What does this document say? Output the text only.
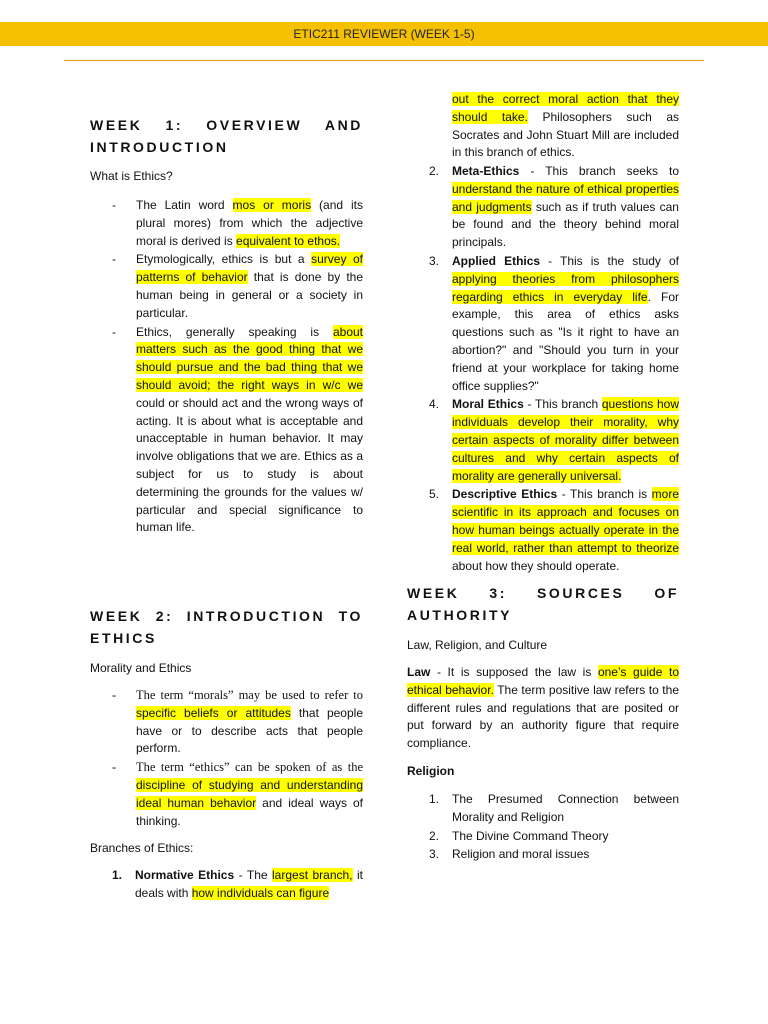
ETIC211 REVIEWER (WEEK 1-5)
WEEK 1: OVERVIEW AND INTRODUCTION

What is Ethics?

- The Latin word mos or moris (and its plural mores) from which the adjective moral is derived is equivalent to ethos.
- Etymologically, ethics is but a survey of patterns of behavior that is done by the human being in general or a society in particular.
- Ethics, generally speaking is about matters such as the good thing that we should pursue and the bad thing that we should avoid; the right ways in w/c we could or should act and the wrong ways of acting. It is about what is acceptable and unacceptable in human behavior. It may involve obligations that we are. Ethics as a subject for us to study is about determining the grounds for the values w/ particular and special significance to human life.
WEEK 2: INTRODUCTION TO ETHICS

Morality and Ethics

- The term “morals” may be used to refer to specific beliefs or attitudes that people have or to describe acts that people perform.
- The term “ethics” can be spoken of as the discipline of studying and understanding ideal human behavior and ideal ways of thinking.

Branches of Ethics:

1. Normative Ethics - The largest branch, it deals with how individuals can figure

out the correct moral action that they should take. Philosophers such as Socrates and John Stuart Mill are included in this branch of ethics.

2. Meta-Ethics - This branch seeks to understand the nature of ethical properties and judgments such as if truth values can be found and the theory behind moral principals.
3. Applied Ethics - This is the study of applying theories from philosophers regarding ethics in everyday life. For example, this area of ethics asks questions such as "Is it right to have an abortion?" and "Should you turn in your friend at your workplace for taking home office supplies?"
4. Moral Ethics - This branch questions how individuals develop their morality, why certain aspects of morality differ between cultures and why certain aspects of morality are generally universal.
5. Descriptive Ethics - This branch is more scientific in its approach and focuses on how human beings actually operate in the real world, rather than attempt to theorize about how they should operate.
WEEK 3: SOURCES OF AUTHORITY

Law, Religion, and Culture

Law - It is supposed the law is one’s guide to ethical behavior. The term positive law refers to the different rules and regulations that are posited or put forward by an authority figure that require compliance.

Religion

1. The Presumed Connection between Morality and Religion
2. The Divine Command Theory
3. Religion and moral issues
